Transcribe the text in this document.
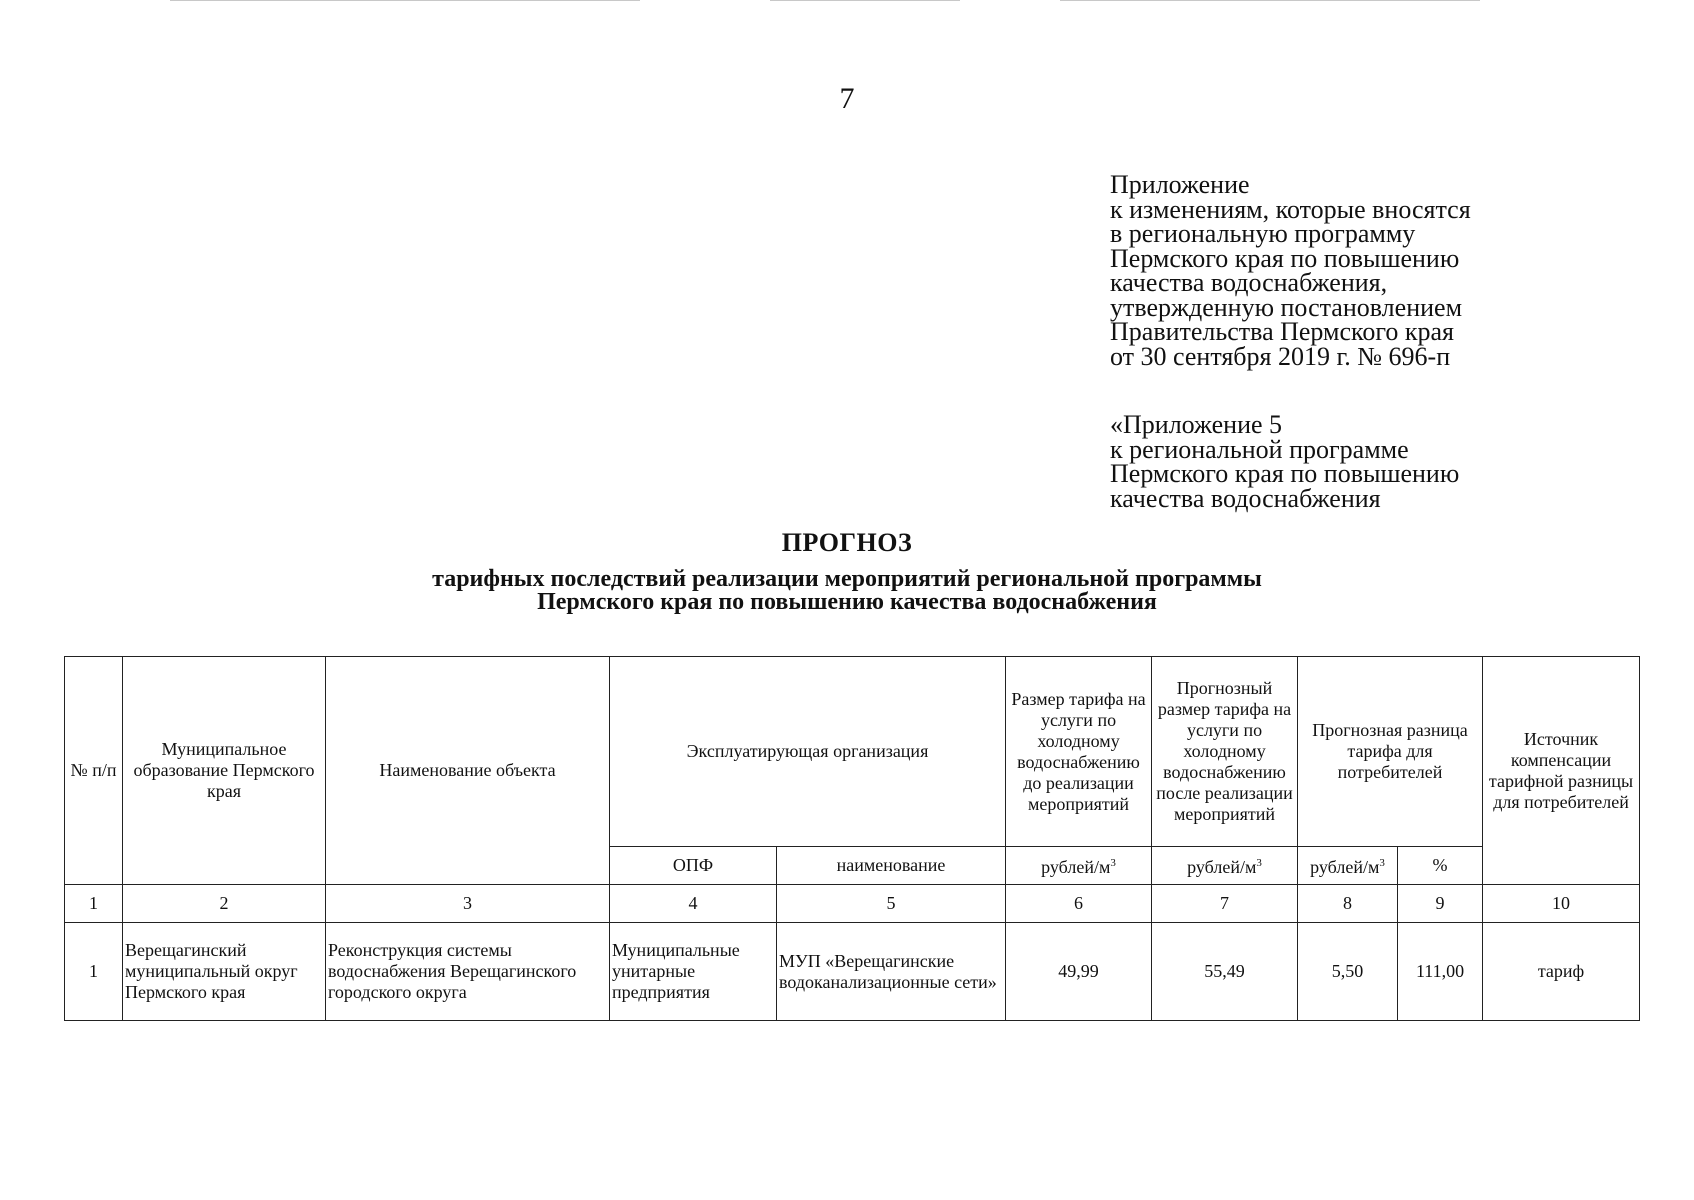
7
Приложение
к изменениям, которые вносятся
в региональную программу
Пермского края по повышению
качества водоснабжения,
утвержденную постановлением
Правительства Пермского края
от 30 сентября 2019 г. № 696-п
«Приложение 5
к региональной программе
Пермского края по повышению
качества водоснабжения
ПРОГНОЗ
тарифных последствий реализации мероприятий региональной программы
Пермского края по повышению качества водоснабжения
№ п/п	Муниципальное образование Пермского края	Наименование объекта	Эксплуатирующая организация		Размер тарифа на услуги по холодному водоснабжению до реализации мероприятий	Прогнозный размер тарифа на услуги по холодному водоснабжению после реализации мероприятий	Прогнозная разница тарифа для потребителей		Источник компенсации тарифной разницы для потребителей
			ОПФ	наименование	рублей/$м^3$	рублей/$м^3$	рублей/$м^3$	%	
1	2	3	4	5	6	7	8	9	10
1	Верещагинский муниципальный округ Пермского края	Реконструкция системы водоснабжения Верещагинского городского округа	Муниципальные унитарные предприятия	МУП «Верещагинские водоканализационные сети»	49,99	55,49	5,50	111,00	тариф
